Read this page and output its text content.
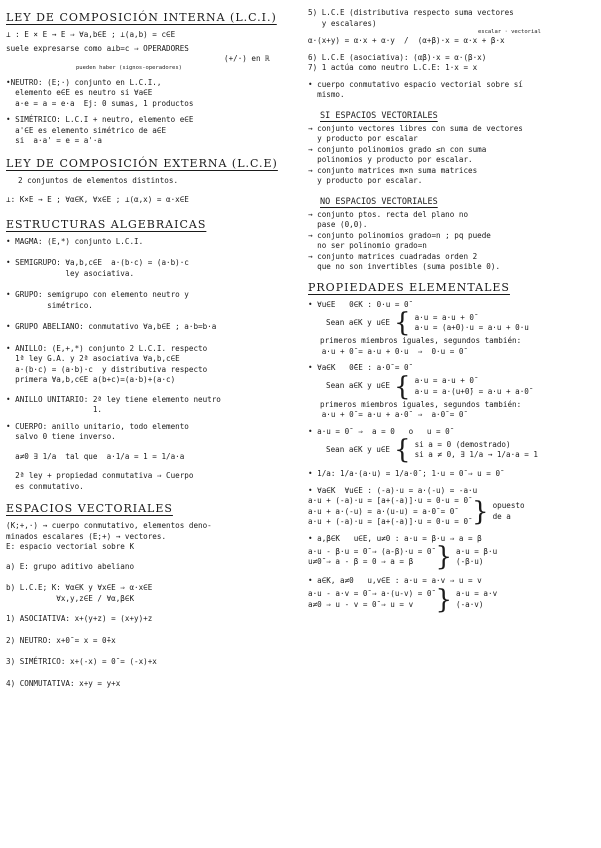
LEY DE COMPOSICIÓN INTERNA (L.C.I.)
⊥ : E × E → E ⇒ ∀a,b∈E ; ⊥(a,b) = c∈E
suele expresarse como a⊥b=c ⇒ OPERADORES
(+/·) en ℝ
pueden haber (signos-operadores)
•NEUTRO: (E;·) conjunto en L.C.I.,
elemento e∈E es neutro si ∀a∈E
a·e = a = e·a  Ej: 0 sumas, 1 productos
• SIMÉTRICO: L.C.I + neutro, elemento e∈E
a'∈E es elemento simétrico de a∈E
si  a·a' = e = a'·a
LEY DE COMPOSICIÓN EXTERNA (L.C.E)
2 conjuntos de elementos distintos.
⊥: K×E → E ; ∀α∈K, ∀x∈E ; ⊥(α,x) = α·x∈E
ESTRUCTURAS ALGEBRAICAS
• MAGMA: (E,*) conjunto L.C.I.
• SEMIGRUPO: ∀a,b,c∈E  a·(b·c) = (a·b)·c
ley asociativa.
• GRUPO: semigrupo con elemento neutro y
simétrico.
• GRUPO ABELIANO: conmutativo ∀a,b∈E ; a·b=b·a
• ANILLO: (E,+,*) conjunto 2 L.C.I. respecto
1ª ley G.A. y 2ª asociativa ∀a,b,c∈E
a·(b·c) = (a·b)·c  y distributiva respecto
primera ∀a,b,c∈E a(b+c)=(a·b)+(a·c)
• ANILLO UNITARIO: 2ª ley tiene elemento neutro
1.
• CUERPO: anillo unitario, todo elemento
salvo 0 tiene inverso.
a≠0 ∃ 1/a  tal que  a·1/a = 1 = 1/a·a
2ª ley + propiedad conmutativa ⇒ Cuerpo
es conmutativo.
ESPACIOS VECTORIALES
(K;+,·) → cuerpo conmutativo, elementos deno-
minados escalares (E;+) → vectores.
E: espacio vectorial sobre K
a) E: grupo aditivo abeliano
b) L.C.E; K: ∀α∈K y ∀x∈E ⇒ α·x∈E
∀x,y,z∈E / ∀α,β∈K
1) ASOCIATIVA: x+(y+z) = (x+y)+z
2) NEUTRO: x+0̄ = x = 0̄+x
3) SIMÉTRICO: x+(-x) = 0̄ = (-x)+x
4) CONMUTATIVA: x+y = y+x
5) L.C.E (distributiva respecto suma vectores
y escalares)
escalar · vectorial
α·(x+y) = α·x + α·y  /  (α+β)·x = α·x + β·x
6) L.C.E (asociativa): (αβ)·x = α·(β·x)
7) 1 actúa como neutro L.C.E: 1·x = x
• cuerpo conmutativo espacio vectorial sobre sí
mismo.
SI ESPACIOS VECTORIALES
→ conjunto vectores libres con suma de vectores
y producto por escalar
→ conjunto polinomios grado ≤n con suma
polinomios y producto por escalar.
→ conjunto matrices m×n suma matrices
y producto por escalar.
NO ESPACIOS VECTORIALES
→ conjunto ptos. recta del plano no
pase (0,0).
→ conjunto polinomios grado=n ; pq puede
no ser polinomio grado=n
→ conjunto matrices cuadradas orden 2
que no son invertibles (suma posible 0).
PROPIEDADES ELEMENTALES
• ∀u∈E   0∈K : 0·u = 0̄
Sean a∈K y u∈E { a·u = a·u + 0̄
a·u = (a+0)·u = a·u + 0·u
primeros miembros iguales, segundos también:
a·u + 0̄ = a·u + 0·u  ⇒  0·u = 0̄
• ∀a∈K   0̄∈E : a·0̄ = 0̄
Sean a∈K y u∈E { a·u = a·u + 0̄
a·u = a·(u+0̄) = a·u + a·0̄
primeros miembros iguales, segundos también:
a·u + 0̄ = a·u + a·0̄  ⇒  a·0̄ = 0̄
• a·u = 0̄  ⇒  a = 0   o   u = 0̄
Sean a∈K y u∈E { si a = 0 (demostrado)
si a ≠ 0, ∃ 1/a → 1/a·a = 1
• 1/a: 1/a·(a·u) = 1/a·0̄ ; 1·u = 0̄ ⇒ u = 0̄
• ∀a∈K  ∀u∈E : (-a)·u = a·(-u) = -a·u
a·u + (-a)·u = [a+(-a)]·u = 0·u = 0̄
a·u + a·(-u) = a·(u-u) = a·0̄ = 0̄
a·u + (-a)·u = [a+(-a)]·u = 0·u = 0̄ } opuesto de a
• a,β∈K   u∈E, u≠0 : a·u = β·u ⇒ a = β
a·u - β·u = 0̄ ⇒ (a-β)·u = 0̄
u≠0̄ ⇒ a - β = 0 ⇒ a = β } a·u = β·u
(-β·u)
• a∈K, a≠0   u,v∈E : a·u = a·v ⇒ u = v
a·u - a·v = 0̄ ⇒ a·(u-v) = 0̄
a≠0 ⇒ u - v = 0̄ ⇒ u = v } a·u = a·v
(-a·v)
